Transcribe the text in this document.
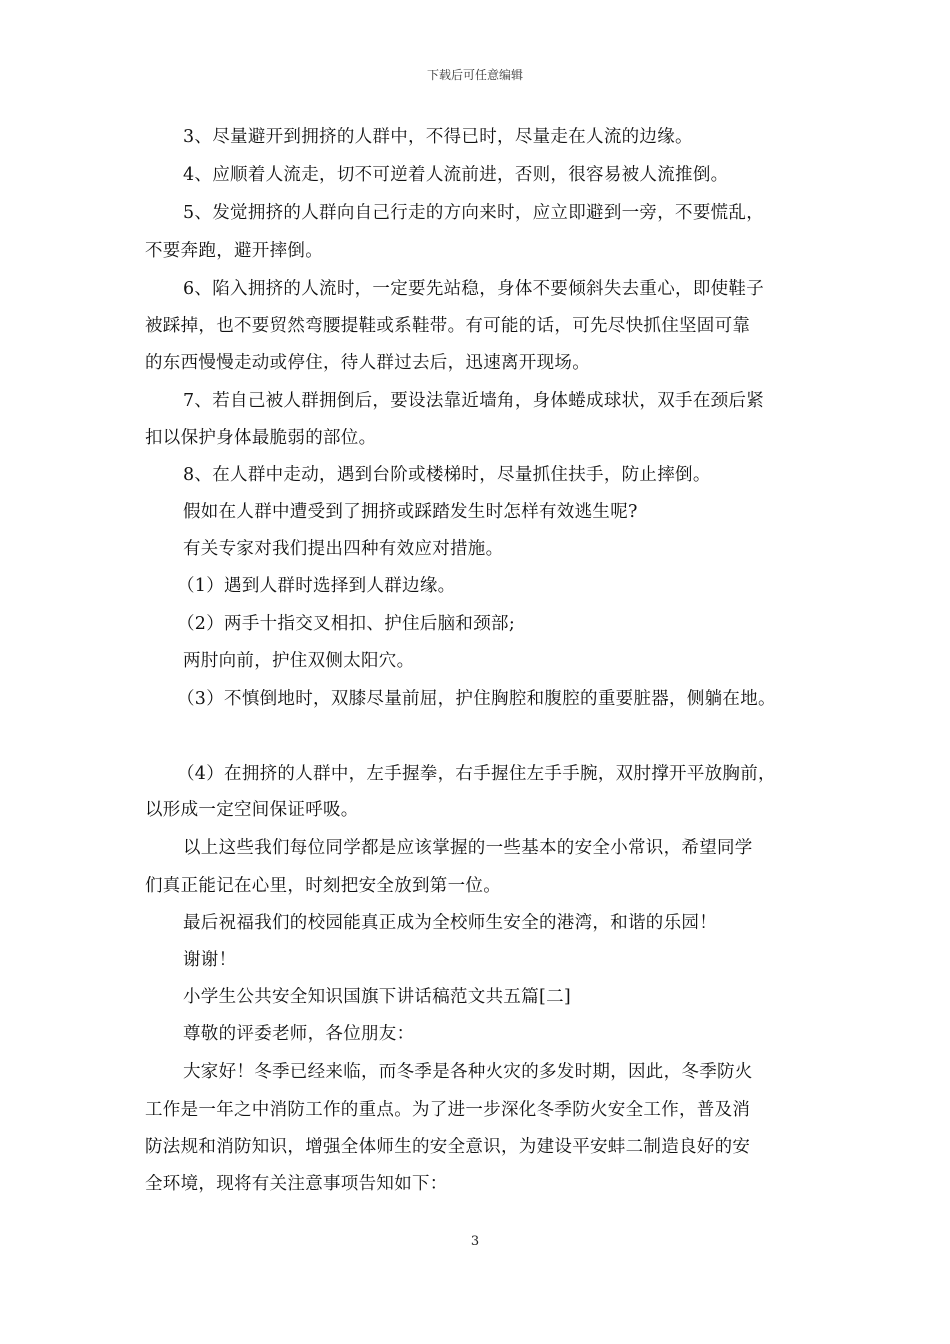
下载后可任意编辑
3、尽量避开到拥挤的人群中，不得已时，尽量走在人流的边缘。
4、应顺着人流走，切不可逆着人流前进，否则，很容易被人流推倒。
5、发觉拥挤的人群向自己行走的方向来时，应立即避到一旁，不要慌乱，
不要奔跑，避开摔倒。
6、陷入拥挤的人流时，一定要先站稳，身体不要倾斜失去重心，即使鞋子
被踩掉，也不要贸然弯腰提鞋或系鞋带。有可能的话，可先尽快抓住坚固可靠
的东西慢慢走动或停住，待人群过去后，迅速离开现场。
7、若自己被人群拥倒后，要设法靠近墙角，身体蜷成球状，双手在颈后紧
扣以保护身体最脆弱的部位。
8、在人群中走动，遇到台阶或楼梯时，尽量抓住扶手，防止摔倒。
假如在人群中遭受到了拥挤或踩踏发生时怎样有效逃生呢?
有关专家对我们提出四种有效应对措施。
（1）遇到人群时选择到人群边缘。
（2）两手十指交叉相扣、护住后脑和颈部;
两肘向前，护住双侧太阳穴。
（3）不慎倒地时，双膝尽量前屈，护住胸腔和腹腔的重要脏器，侧躺在地。
（4）在拥挤的人群中，左手握拳，右手握住左手手腕，双肘撑开平放胸前，
以形成一定空间保证呼吸。
以上这些我们每位同学都是应该掌握的一些基本的安全小常识，希望同学
们真正能记在心里，时刻把安全放到第一位。
最后祝福我们的校园能真正成为全校师生安全的港湾，和谐的乐园！
谢谢！
小学生公共安全知识国旗下讲话稿范文共五篇[二]
尊敬的评委老师，各位朋友：
大家好！冬季已经来临，而冬季是各种火灾的多发时期，因此，冬季防火
工作是一年之中消防工作的重点。为了进一步深化冬季防火安全工作，普及消
防法规和消防知识，增强全体师生的安全意识，为建设平安蚌二制造良好的安
全环境，现将有关注意事项告知如下：
3
